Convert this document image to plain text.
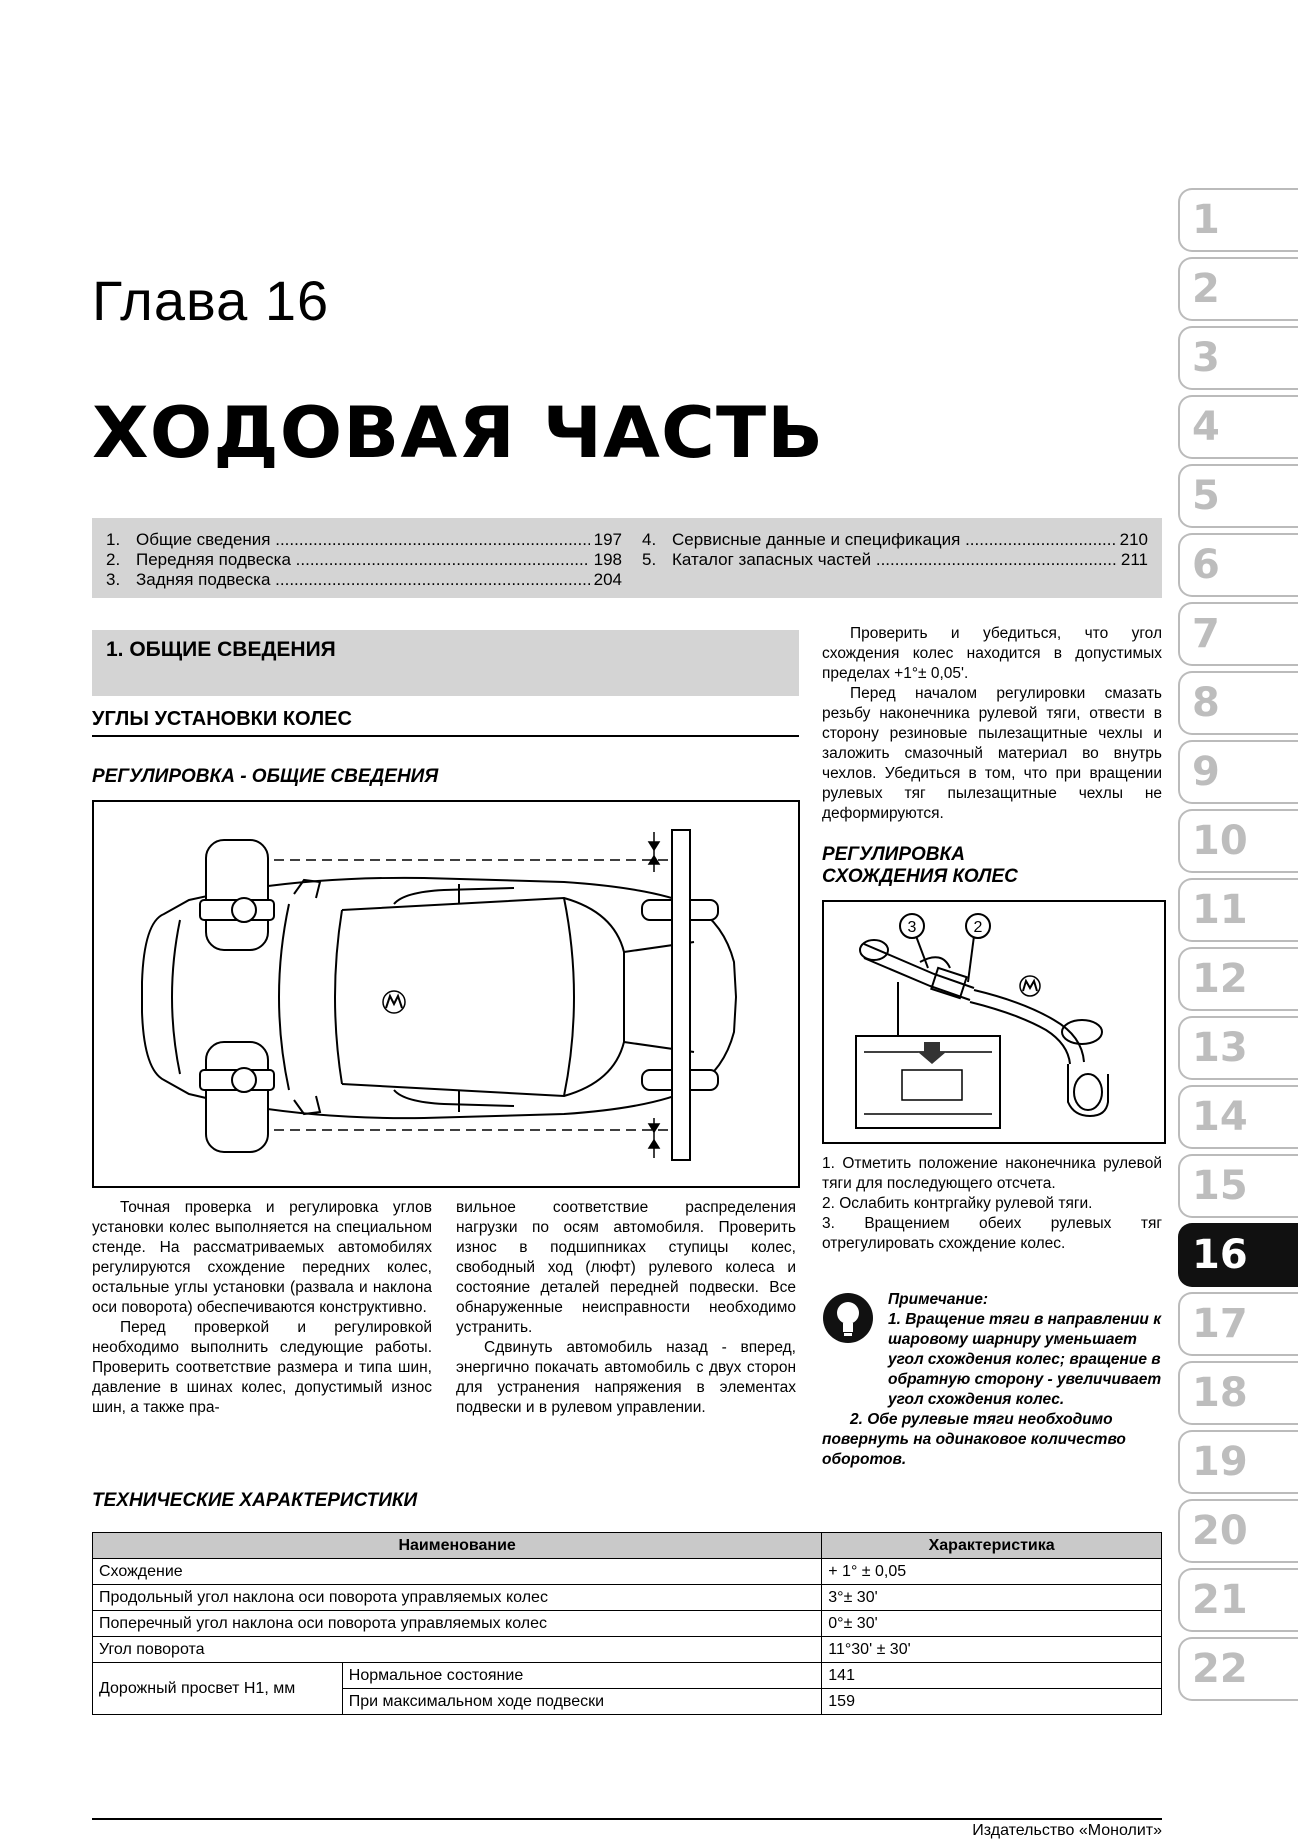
Глава 16
ХОДОВАЯ ЧАСТЬ
1. Общие сведения .....	197
2. Передняя подвеска .....	198
3. Задняя подвеска .....	204
4. Сервисные данные и спецификация .....	210
5. Каталог запасных частей .....	211
1. ОБЩИЕ СВЕДЕНИЯ
УГЛЫ УСТАНОВКИ КОЛЕС
РЕГУЛИРОВКА - ОБЩИЕ СВЕДЕНИЯ

Точная проверка и регулировка углов установки колес выполняется на специальном стенде. На рассматриваемых автомобилях регулируются схождение передних колес, остальные углы установки (развала и наклона оси поворота) обеспечиваются конструктивно.

Перед проверкой и регулировкой необходимо выполнить следующие работы. Проверить соответствие размера и типа шин, давление в шинах колес, допустимый износ шин, а также пра-

вильное соответствие распределения нагрузки по осям автомобиля. Проверить износ в подшипниках ступицы колес, свободный ход (люфт) рулевого колеса и состояние деталей передней подвески. Все обнаруженные неисправности необходимо устранить.

Сдвинуть автомобиль назад - вперед, энергично покачать автомобиль с двух сторон для устранения напряжения в элементах подвески и в рулевом управлении.

Проверить и убедиться, что угол схождения колес находится в допустимых пределах +1°± 0,05'.

Перед началом регулировки смазать резьбу наконечника рулевой тяги, отвести в сторону резиновые пылезащитные чехлы и заложить смазочный материал во внутрь чехлов. Убедиться в том, что при вращении рулевых тяг пылезащитные чехлы не деформируются.

РЕГУЛИРОВКА
СХОЖДЕНИЯ КОЛЕС
3	2

1. Отметить положение наконечника рулевой тяги для последующего отсчета.

2. Ослабить контргайку рулевой тяги.

3. Вращением обеих рулевых тяг отрегулировать схождение колес.

Примечание:
1. Вращение тяги в направлении к шаровому шарниру уменьшает угол схождения колес; вращение в обратную сторону - увеличивает угол схождения колес.
2. Обе рулевые тяги необходимо повернуть на одинаковое количество оборотов.
ТЕХНИЧЕСКИЕ ХАРАКТЕРИСТИКИ
Наименование		Характеристика
Схождение		+ 1° ± 0,05
Продольный угол наклона оси поворота управляемых колес		3°± 30'
Поперечный угол наклона оси поворота управляемых колес		0°± 30'
Угол поворота		11°30' ± 30'
Дорожный просвет H1, мм	Нормальное состояние	141
	При максимальном ходе подвески	159
Издательство «Монолит»
1
2
3
4
5
6
7
8
9
10
11
12
13
14
15
16
17
18
19
20
21
22
